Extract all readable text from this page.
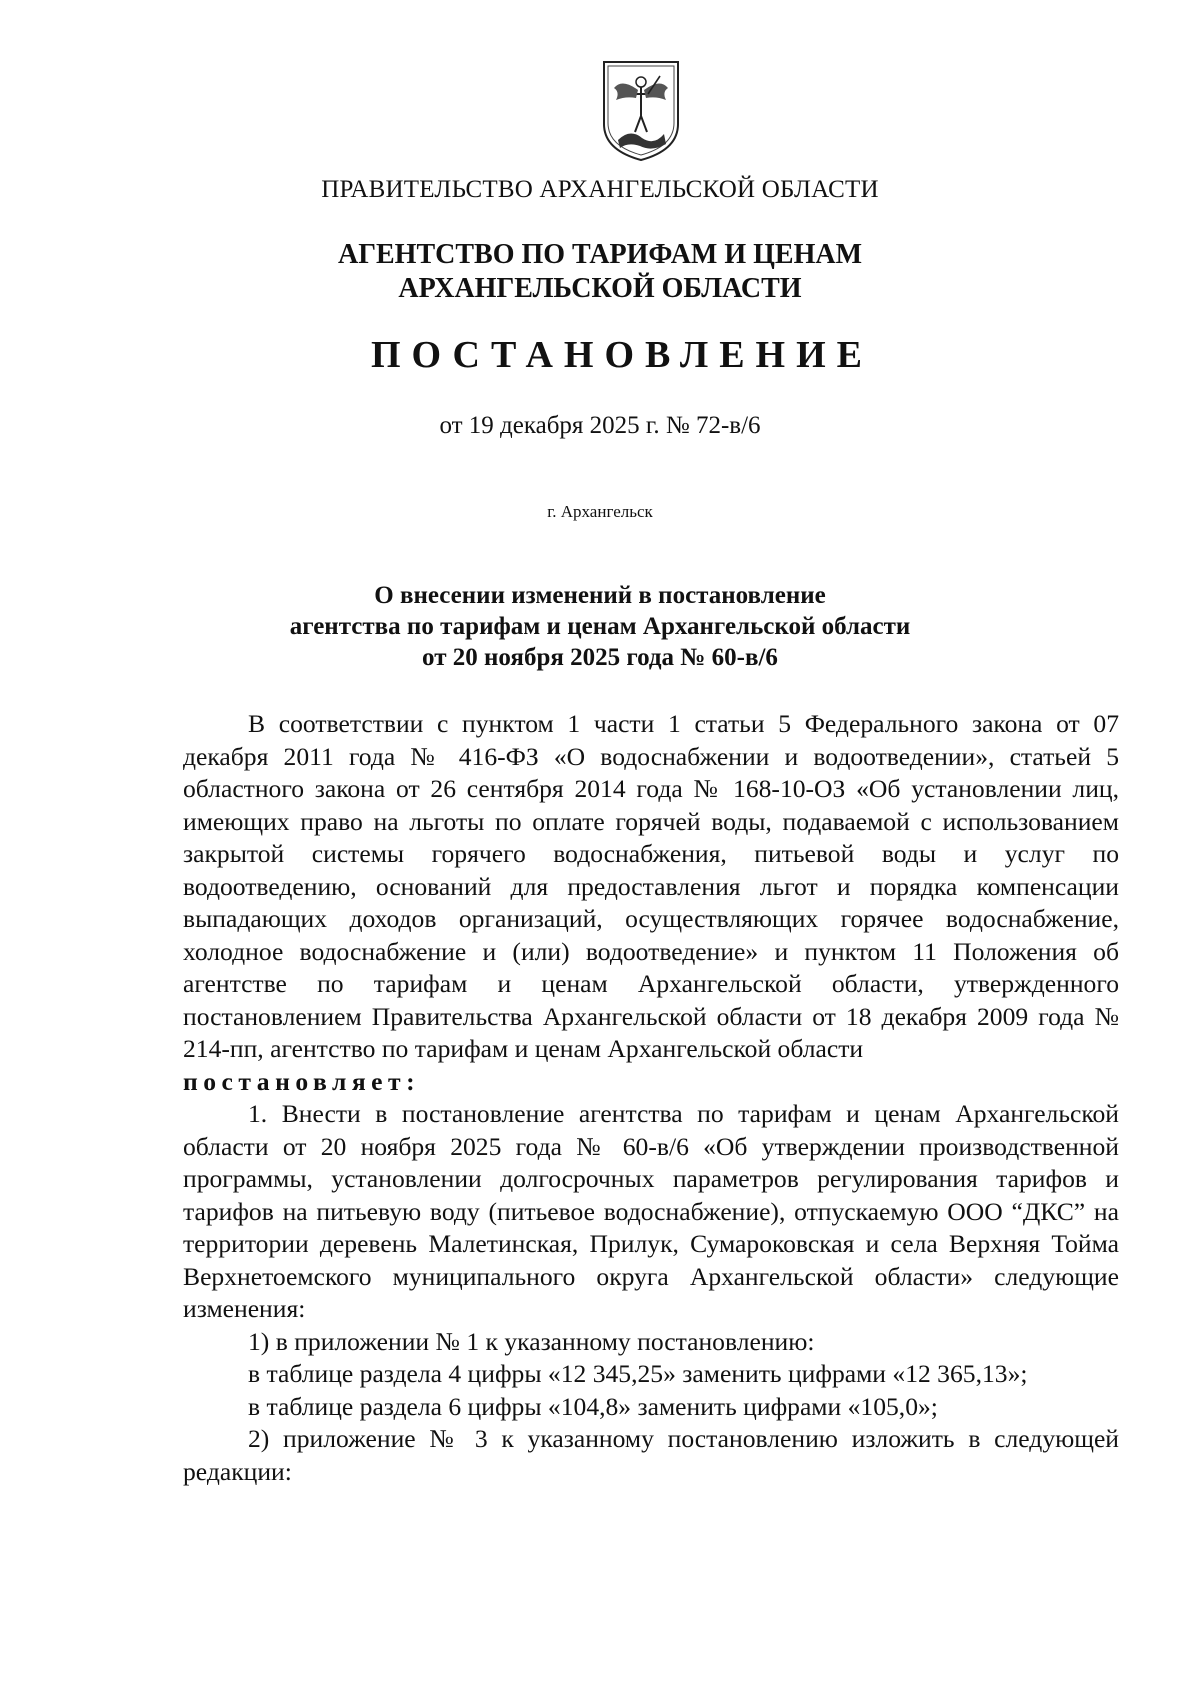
ПРАВИТЕЛЬСТВО АРХАНГЕЛЬСКОЙ ОБЛАСТИ
АГЕНТСТВО ПО ТАРИФАМ И ЦЕНАМ
АРХАНГЕЛЬСКОЙ ОБЛАСТИ
ПОСТАНОВЛЕНИЕ
от 19 декабря 2025 г. № 72-в/6
г. Архангельск
О внесении изменений в постановление
агентства по тарифам и ценам Архангельской области
от 20 ноября 2025 года № 60-в/6

В соответствии с пунктом 1 части 1 статьи 5 Федерального закона от 07 декабря 2011 года № 416-ФЗ «О водоснабжении и водоотведении», статьей 5 областного закона от 26 сентября 2014 года № 168-10-ОЗ «Об установлении лиц, имеющих право на льготы по оплате горячей воды, подаваемой с использованием закрытой системы горячего водоснабжения, питьевой воды и услуг по водоотведению, оснований для предоставления льгот и порядка компенсации выпадающих доходов организаций, осуществляющих горячее водоснабжение, холодное водоснабжение и (или) водоотведение» и пунктом 11 Положения об агентстве по тарифам и ценам Архангельской области, утвержденного постановлением Правительства Архангельской области от 18 декабря 2009 года № 214-пп, агентство по тарифам и ценам Архангельской области

постановляет:

1. Внести в постановление агентства по тарифам и ценам Архангельской области от 20 ноября 2025 года № 60-в/6 «Об утверждении производственной программы, установлении долгосрочных параметров регулирования тарифов и тарифов на питьевую воду (питьевое водоснабжение), отпускаемую ООО “ДКС” на территории деревень Малетинская, Прилук, Сумароковская и села Верхняя Тойма Верхнетоемского муниципального округа Архангельской области» следующие изменения:

1) в приложении № 1 к указанному постановлению:

в таблице раздела 4 цифры «12 345,25» заменить цифрами «12 365,13»;

в таблице раздела 6 цифры «104,8» заменить цифрами «105,0»;

2) приложение № 3 к указанному постановлению изложить в следующей редакции:
